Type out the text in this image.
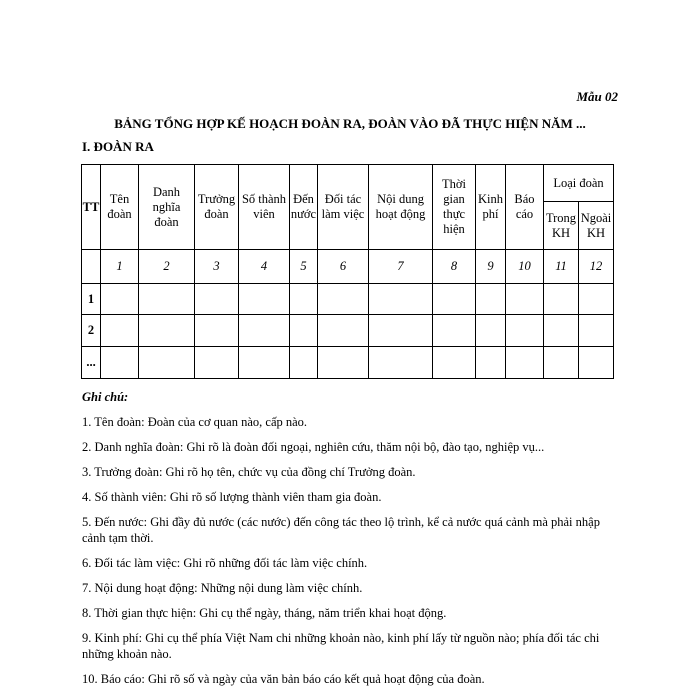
Mẫu 02
BẢNG TỔNG HỢP KẾ HOẠCH ĐOÀN RA, ĐOÀN VÀO ĐÃ THỰC HIỆN NĂM ...
I. ĐOÀN RA
TT	Tên đoàn	Danh nghĩa đoàn	Trưởng đoàn	Số thành viên	Đến nước	Đối tác làm việc	Nội dung hoạt động	Thời gian thực hiện	Kinh phí	Báo cáo	Loại đoàn	
											Trong KH	Ngoài KH
	1	2	3	4	5	6	7	8	9	10	11	12
1												
2												
...												
Ghi chú:
1. Tên đoàn: Đoàn của cơ quan nào, cấp nào.
2. Danh nghĩa đoàn: Ghi rõ là đoàn đối ngoại, nghiên cứu, thăm nội bộ, đào tạo, nghiệp vụ...
3. Trưởng đoàn: Ghi rõ họ tên, chức vụ của đồng chí Trưởng đoàn.
4. Số thành viên: Ghi rõ số lượng thành viên tham gia đoàn.
5. Đến nước: Ghi đầy đủ nước (các nước) đến công tác theo lộ trình, kể cả nước quá cảnh mà phải nhập cảnh tạm thời.
6. Đối tác làm việc: Ghi rõ những đối tác làm việc chính.
7. Nội dung hoạt động: Những nội dung làm việc chính.
8. Thời gian thực hiện: Ghi cụ thể ngày, tháng, năm triển khai hoạt động.
9. Kinh phí: Ghi cụ thể phía Việt Nam chi những khoản nào, kinh phí lấy từ nguồn nào; phía đối tác chi những khoản nào.
10. Báo cáo: Ghi rõ số và ngày của văn bản báo cáo kết quả hoạt động của đoàn.
